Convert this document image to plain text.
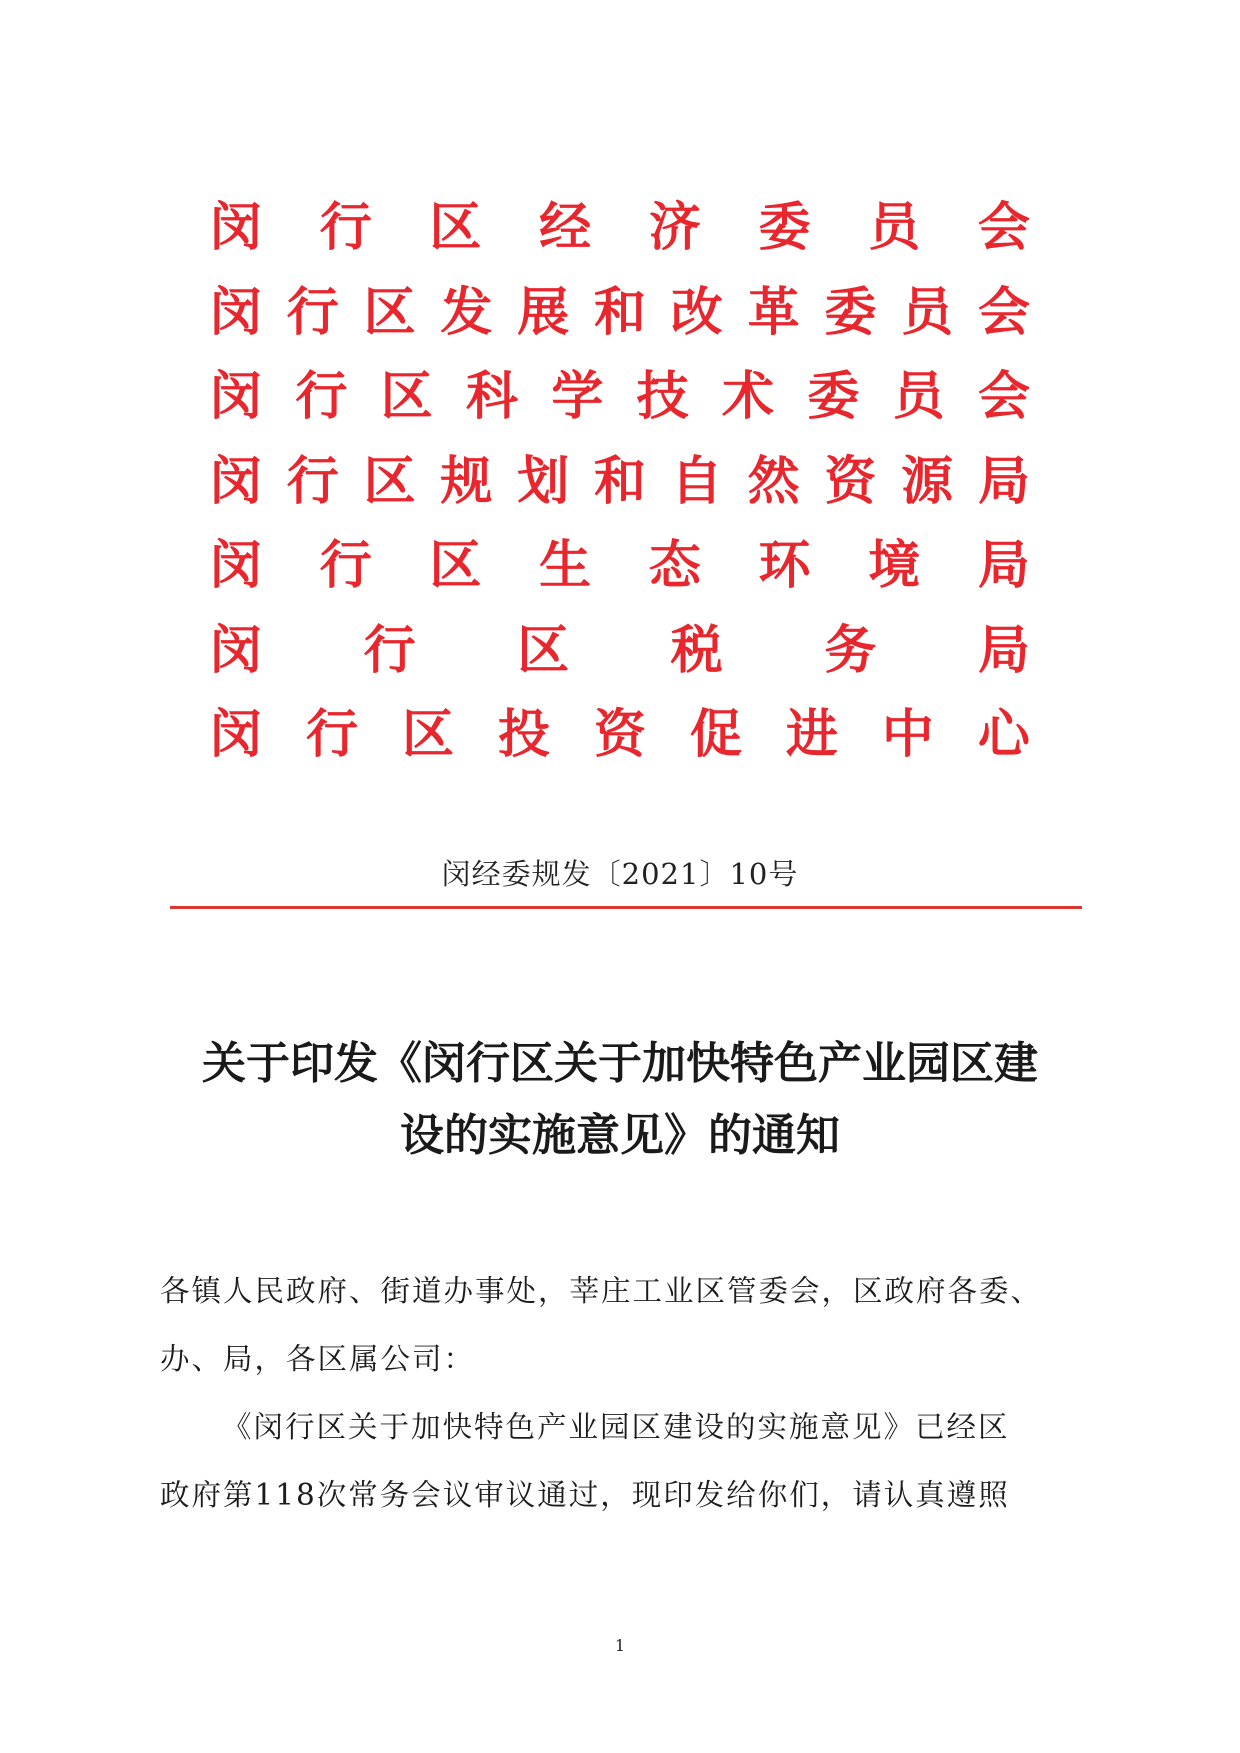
闵 行 区 经 济 委 员 会
闵 行 区 发 展 和 改 革 委 员 会
闵 行 区 科 学 技 术 委 员 会
闵 行 区 规 划 和 自 然 资 源 局
闵 行 区 生 态 环 境 局
闵 行 区 税 务 局
闵 行 区 投 资 促 进 中 心
闵经委规发〔2021〕10号
关于印发《闵行区关于加快特色产业园区建
设的实施意见》的通知
各镇人民政府、街道办事处，莘庄工业区管委会，区政府各委、
办、局，各区属公司：
《闵行区关于加快特色产业园区建设的实施意见》已经区
政府第118次常务会议审议通过，现印发给你们，请认真遵照
1
